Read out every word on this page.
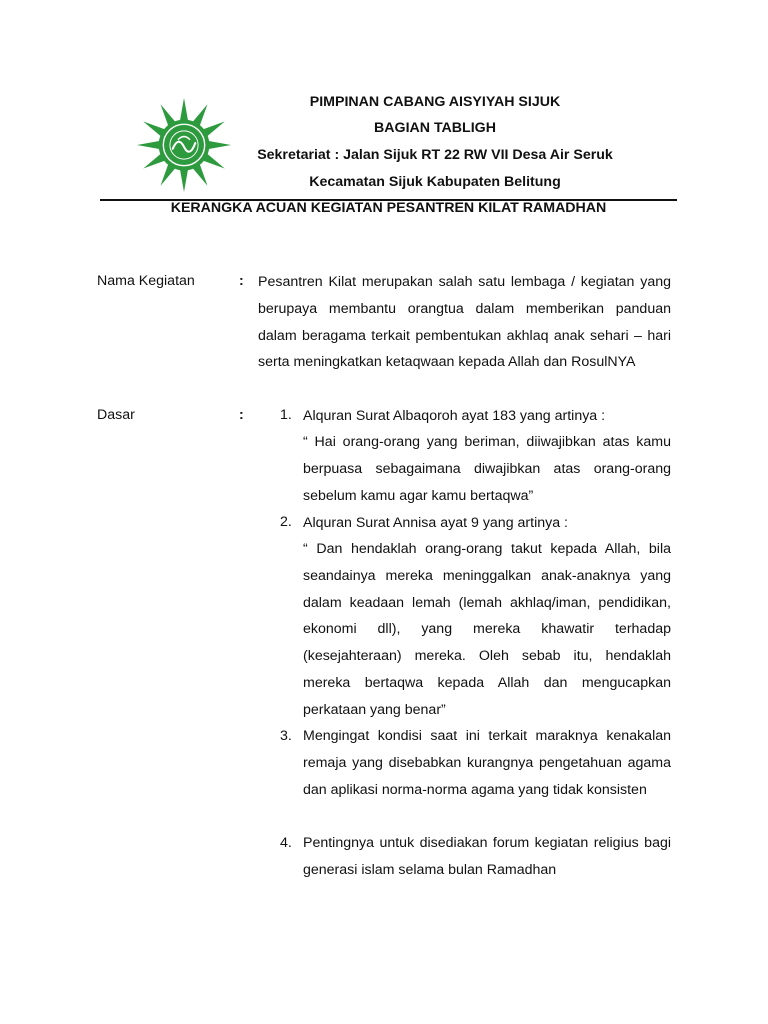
PIMPINAN CABANG AISYIYAH SIJUK
BAGIAN TABLIGH
Sekretariat : Jalan Sijuk RT 22 RW VII Desa Air Seruk
Kecamatan Sijuk Kabupaten Belitung
KERANGKA ACUAN KEGIATAN PESANTREN KILAT RAMADHAN
Nama Kegiatan	: Pesantren Kilat merupakan salah satu lembaga / kegiatan yang berupaya membantu orangtua dalam memberikan panduan dalam beragama terkait pembentukan akhlaq anak sehari – hari serta meningkatkan ketaqwaan kepada Allah dan RosulNYA

Dasar	:	1. Alquran Surat Albaqoroh ayat 183 yang artinya :

“ Hai orang-orang yang beriman, diiwajibkan atas kamu berpuasa sebagaimana diwajibkan atas orang-orang sebelum kamu agar kamu bertaqwa”

2. Alquran Surat Annisa ayat 9 yang artinya :

“ Dan hendaklah orang-orang takut kepada Allah, bila seandainya mereka meninggalkan anak-anaknya yang dalam keadaan lemah (lemah akhlaq/iman, pendidikan, ekonomi dll), yang mereka khawatir terhadap (kesejahteraan) mereka. Oleh sebab itu, hendaklah mereka bertaqwa kepada Allah dan mengucapkan perkataan yang benar”

3. Mengingat kondisi saat ini terkait maraknya kenakalan remaja yang disebabkan kurangnya pengetahuan agama dan aplikasi norma-norma agama yang tidak konsisten

4. Pentingnya untuk disediakan forum kegiatan religius bagi generasi islam selama bulan Ramadhan
